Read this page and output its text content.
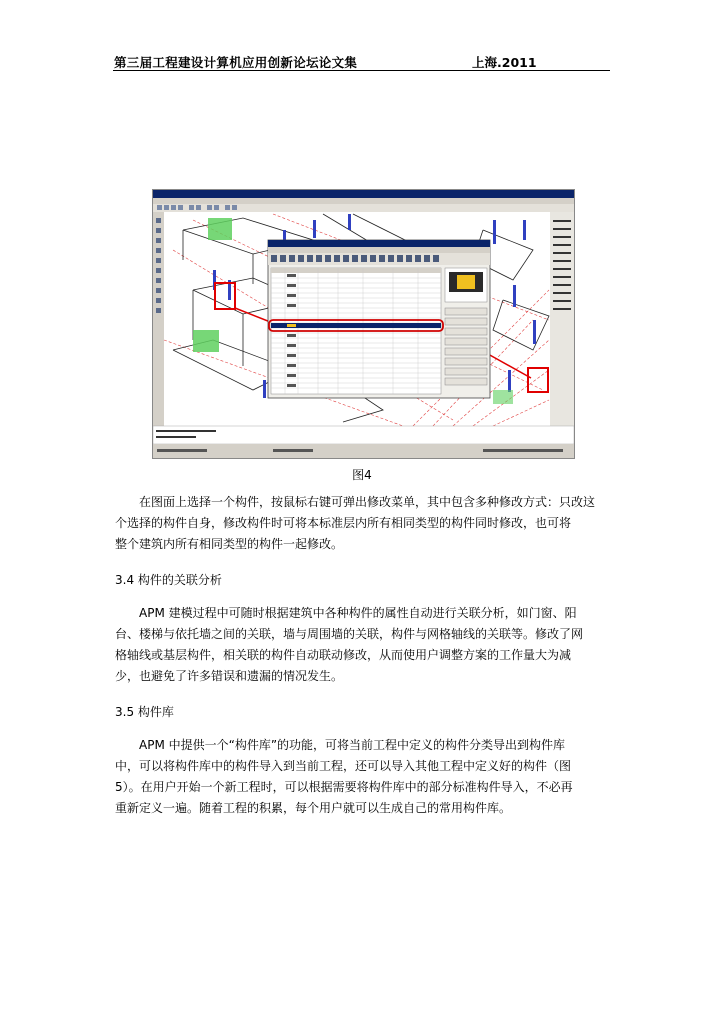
第三届工程建设计算机应用创新论坛论文集	上海.2011
图4
在图面上选择一个构件，按鼠标右键可弹出修改菜单，其中包含多种修改方式：只改这
个选择的构件自身，修改构件时可将本标准层内所有相同类型的构件同时修改，也可将
整个建筑内所有相同类型的构件一起修改。
3.4 构件的关联分析
APM 建模过程中可随时根据建筑中各种构件的属性自动进行关联分析，如门窗、阳
台、楼梯与依托墙之间的关联，墙与周围墙的关联，构件与网格轴线的关联等。修改了网
格轴线或基层构件，相关联的构件自动联动修改，从而使用户调整方案的工作量大为减
少，也避免了许多错误和遗漏的情况发生。
3.5 构件库
APM 中提供一个“构件库”的功能，可将当前工程中定义的构件分类导出到构件库
中，可以将构件库中的构件导入到当前工程，还可以导入其他工程中定义好的构件（图
5）。在用户开始一个新工程时，可以根据需要将构件库中的部分标准构件导入，不必再
重新定义一遍。随着工程的积累，每个用户就可以生成自己的常用构件库。
